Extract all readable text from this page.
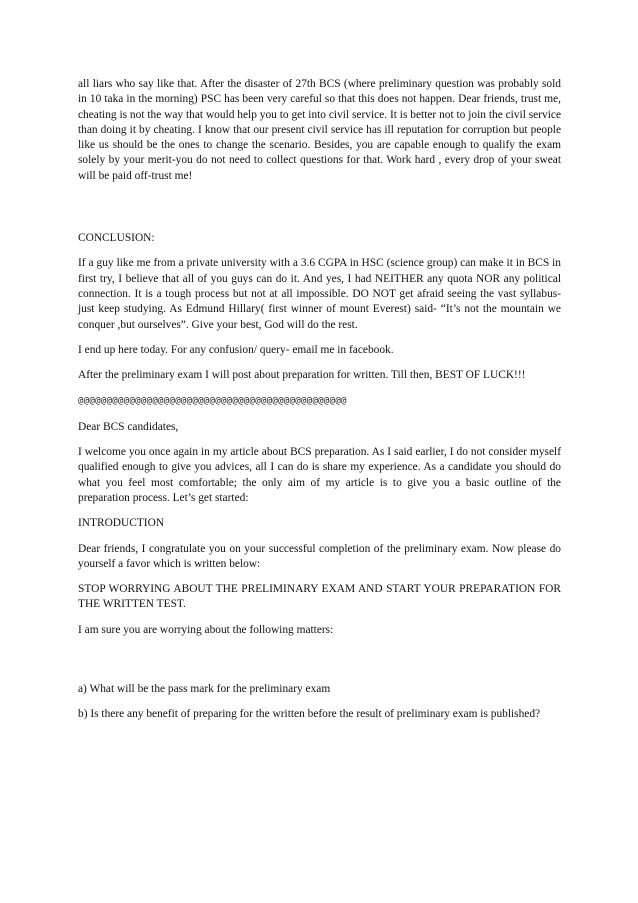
all liars who say like that. After the disaster of 27th BCS (where preliminary question was probably sold in 10 taka in the morning) PSC has been very careful so that this does not happen. Dear friends, trust me, cheating is not the way that would help you to get into civil service. It is better not to join the civil service than doing it by cheating. I know that our present civil service has ill reputation for corruption but people like us should be the ones to change the scenario. Besides, you are capable enough to qualify the exam solely by your merit-you do not need to collect questions for that. Work hard , every drop of your sweat will be paid off-trust me!

CONCLUSION:

If a guy like me from a private university with a 3.6 CGPA in HSC (science group) can make it in BCS in first try, I believe that all of you guys can do it. And yes, I had NEITHER any quota NOR any political connection. It is a tough process but not at all impossible. DO NOT get afraid seeing the vast syllabus-just keep studying. As Edmund Hillary( first winner of mount Everest) said- “It’s not the mountain we conquer ,but ourselves”. Give your best, God will do the rest.

I end up here today. For any confusion/ query- email me in facebook.

After the preliminary exam I will post about preparation for written. Till then, BEST OF LUCK!!!

@@@@@@@@@@@@@@@@@@@@@@@@@@@@@@@@@@@@@@@@@@@@@@@

Dear BCS candidates,

I welcome you once again in my article about BCS preparation. As I said earlier, I do not consider myself qualified enough to give you advices, all I can do is share my experience. As a candidate you should do what you feel most comfortable; the only aim of my article is to give you a basic outline of the preparation process. Let’s get started:

INTRODUCTION

Dear friends, I congratulate you on your successful completion of the preliminary exam. Now please do yourself a favor which is written below:

STOP WORRYING ABOUT THE PRELIMINARY EXAM AND START YOUR PREPARATION FOR THE WRITTEN TEST.

I am sure you are worrying about the following matters:

a) What will be the pass mark for the preliminary exam

b) Is there any benefit of preparing for the written before the result of preliminary exam is published?
